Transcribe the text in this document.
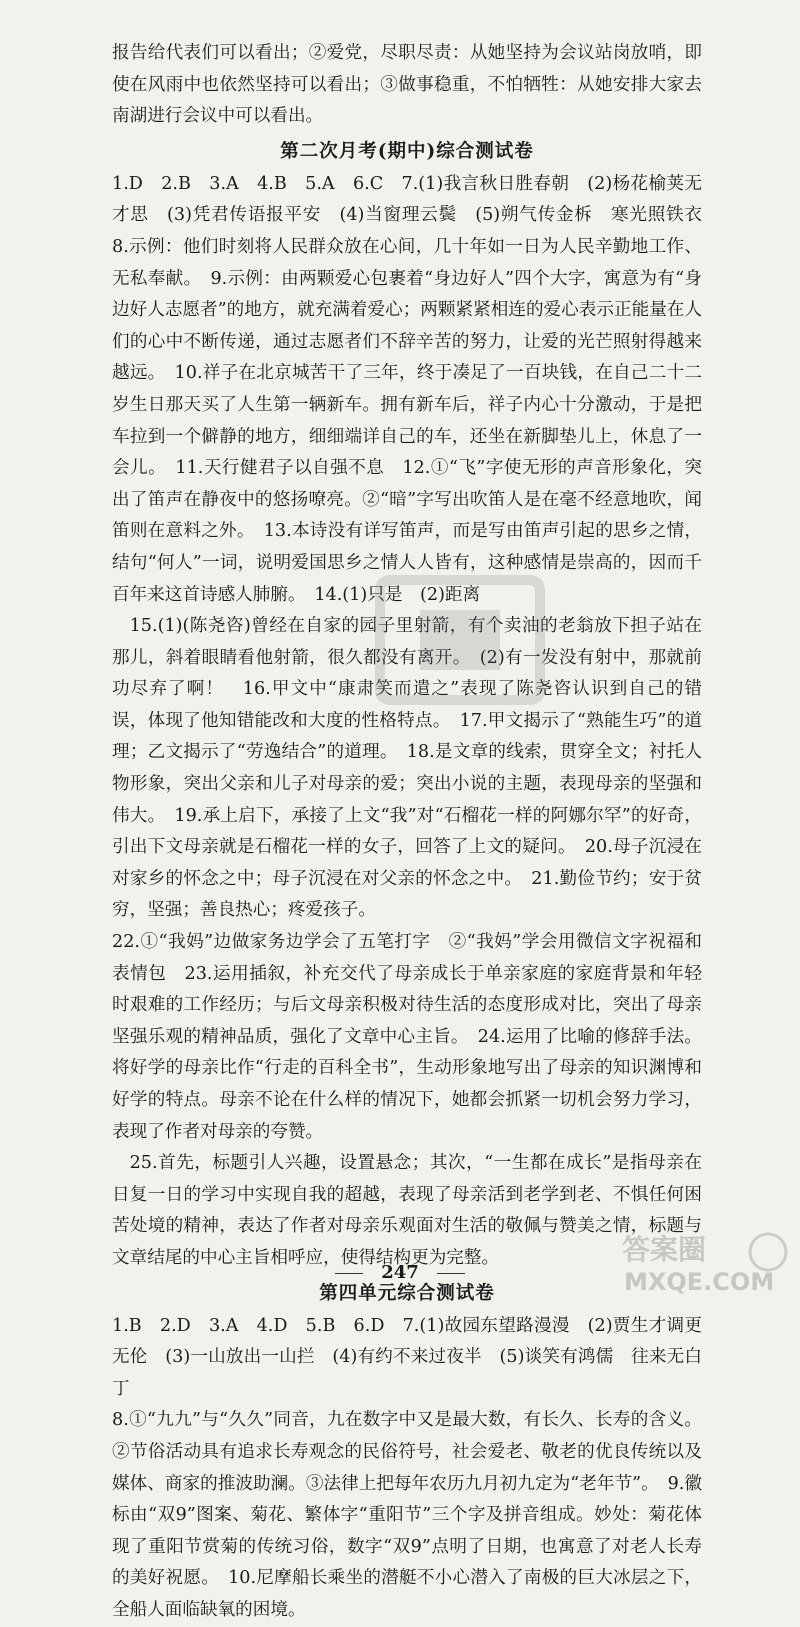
报告给代表们可以看出；②爱党，尽职尽责：从她坚持为会议站岗放哨，即使在风雨中也依然坚持可以看出；③做事稳重，不怕牺牲：从她安排大家去南湖进行会议中可以看出。

第二次月考(期中)综合测试卷

1.D　2.B　3.A　4.B　5.A　6.C　7.(1)我言秋日胜春朝　(2)杨花榆荚无才思　(3)凭君传语报平安　(4)当窗理云鬓　(5)朔气传金柝　寒光照铁衣　8.示例：他们时刻将人民群众放在心间，几十年如一日为人民辛勤地工作、无私奉献。　9.示例：由两颗爱心包裹着“身边好人”四个大字，寓意为有“身边好人志愿者”的地方，就充满着爱心；两颗紧紧相连的爱心表示正能量在人们的心中不断传递，通过志愿者们不辞辛苦的努力，让爱的光芒照射得越来越远。　10.祥子在北京城苦干了三年，终于凑足了一百块钱，在自己二十二岁生日那天买了人生第一辆新车。拥有新车后，祥子内心十分激动，于是把车拉到一个僻静的地方，细细端详自己的车，还坐在新脚垫儿上，休息了一会儿。　11.天行健君子以自强不息　12.①“飞”字使无形的声音形象化，突出了笛声在静夜中的悠扬嘹亮。②“暗”字写出吹笛人是在毫不经意地吹，闻笛则在意料之外。　13.本诗没有详写笛声，而是写由笛声引起的思乡之情，结句“何人”一词，说明爱国思乡之情人人皆有，这种感情是崇高的，因而千百年来这首诗感人肺腑。　14.(1)只是　(2)距离

15.(1)(陈尧咨)曾经在自家的园子里射箭，有个卖油的老翁放下担子站在那儿，斜着眼睛看他射箭，很久都没有离开。　(2)有一发没有射中，那就前功尽弃了啊！　16.甲文中“康肃笑而遣之”表现了陈尧咨认识到自己的错误，体现了他知错能改和大度的性格特点。　17.甲文揭示了“熟能生巧”的道理；乙文揭示了“劳逸结合”的道理。　18.是文章的线索，贯穿全文；衬托人物形象，突出父亲和儿子对母亲的爱；突出小说的主题，表现母亲的坚强和伟大。　19.承上启下，承接了上文“我”对“石榴花一样的阿娜尔罕”的好奇，引出下文母亲就是石榴花一样的女子，回答了上文的疑问。　20.母子沉浸在对家乡的怀念之中；母子沉浸在对父亲的怀念之中。　21.勤俭节约；安于贫穷，坚强；善良热心；疼爱孩子。

22.①“我妈”边做家务边学会了五笔打字　②“我妈”学会用微信文字祝福和表情包　23.运用插叙，补充交代了母亲成长于单亲家庭的家庭背景和年轻时艰难的工作经历；与后文母亲积极对待生活的态度形成对比，突出了母亲坚强乐观的精神品质，强化了文章中心主旨。　24.运用了比喻的修辞手法。将好学的母亲比作“行走的百科全书”，生动形象地写出了母亲的知识渊博和好学的特点。母亲不论在什么样的情况下，她都会抓紧一切机会努力学习，表现了作者对母亲的夸赞。

25.首先，标题引人兴趣，设置悬念；其次，“一生都在成长”是指母亲在日复一日的学习中实现自我的超越，表现了母亲活到老学到老、不惧任何困苦处境的精神，表达了作者对母亲乐观面对生活的敬佩与赞美之情，标题与文章结尾的中心主旨相呼应，使得结构更为完整。

第四单元综合测试卷

1.B　2.D　3.A　4.D　5.B　6.D　7.(1)故园东望路漫漫　(2)贾生才调更无伦　(3)一山放出一山拦　(4)有约不来过夜半　(5)谈笑有鸿儒　往来无白丁

8.①“九九”与“久久”同音，九在数字中又是最大数，有长久、长寿的含义。②节俗活动具有追求长寿观念的民俗符号，社会爱老、敬老的优良传统以及媒体、商家的推波助澜。③法律上把每年农历九月初九定为“老年节”。　9.徽标由“双9”图案、菊花、繁体字“重阳节”三个字及拼音组成。妙处：菊花体现了重阳节赏菊的传统习俗，数字“双9”点明了日期，也寓意了对老人长寿的美好祝愿。　10.尼摩船长乘坐的潜艇不小心潜入了南极的巨大冰层之下，全船人面临缺氧的困境。

247
答案圈
MXQE.COM
